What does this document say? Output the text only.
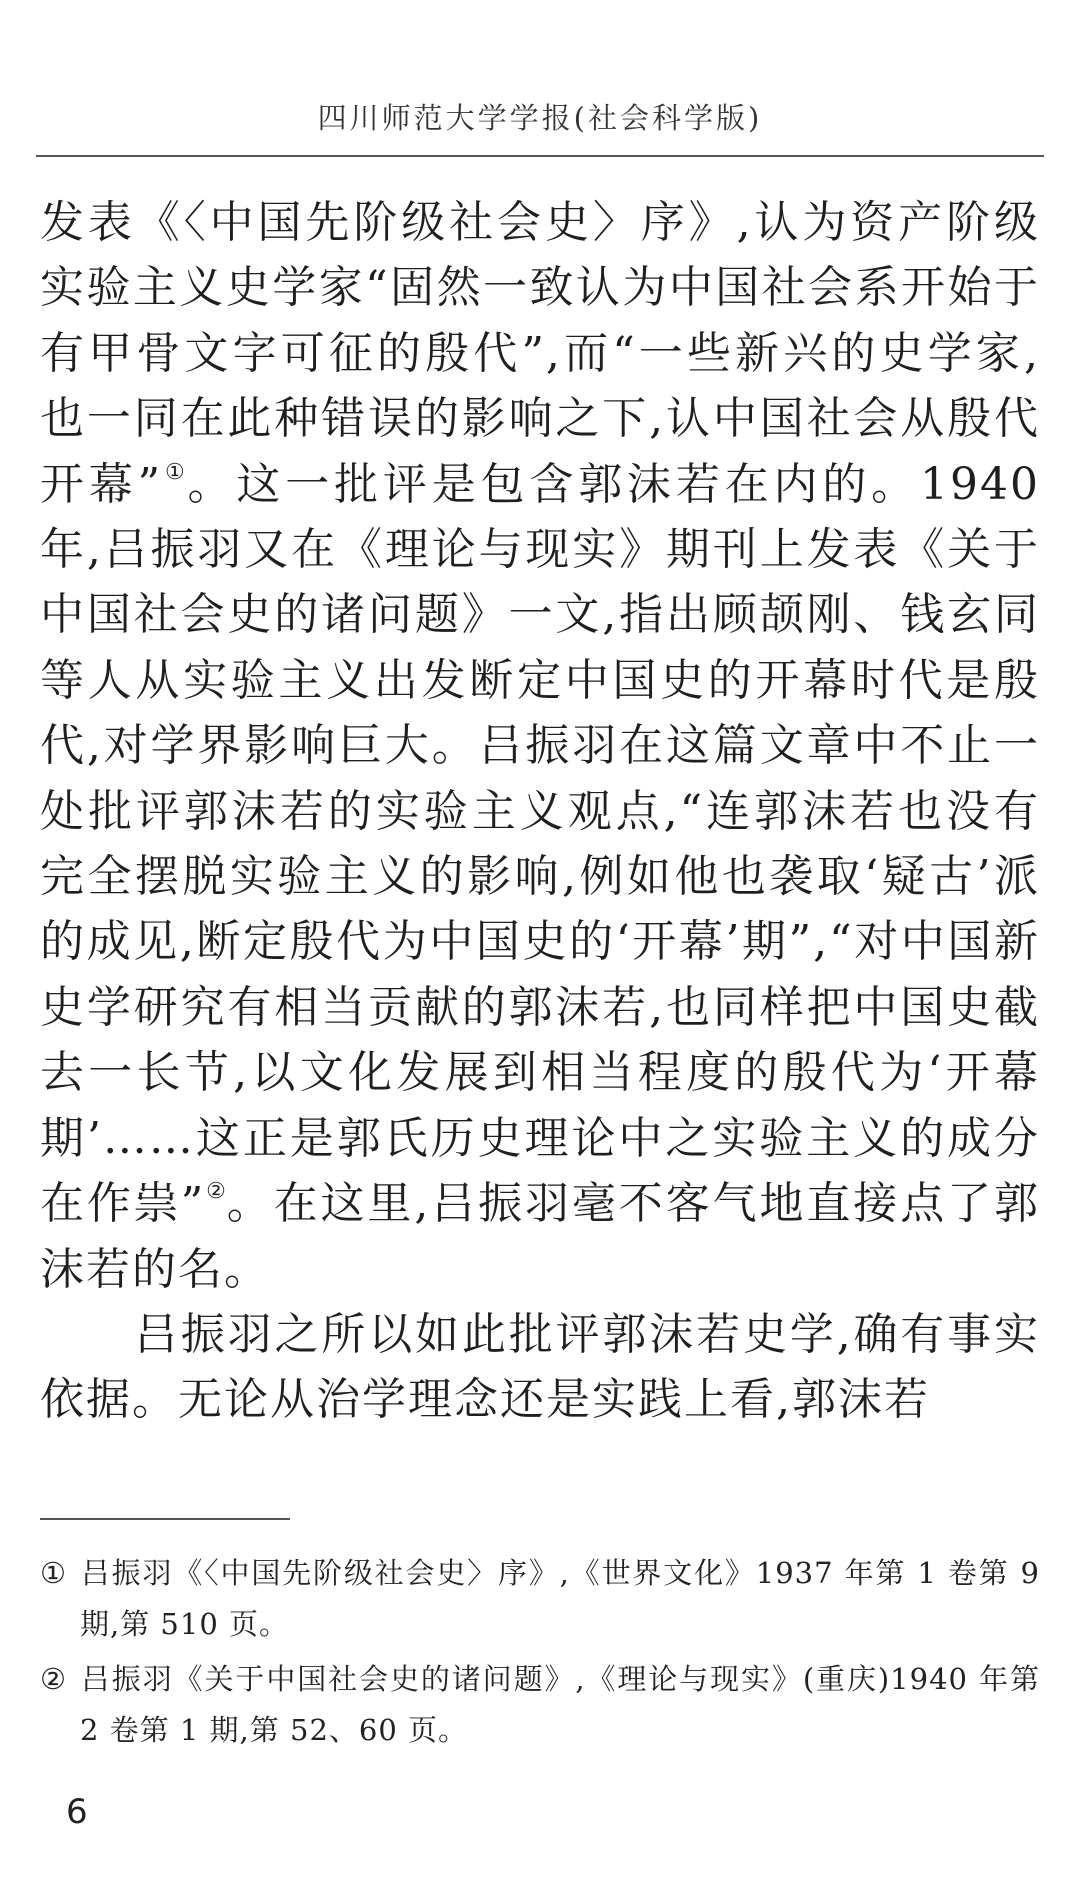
四川师范大学学报(社会科学版)

发表《〈中国先阶级社会史〉序》,认为资产阶级实验主义史学家“固然一致认为中国社会系开始于有甲骨文字可征的殷代”,而“一些新兴的史学家,也一同在此种错误的影响之下,认中国社会从殷代开幕”①。这一批评是包含郭沫若在内的。1940年,吕振羽又在《理论与现实》期刊上发表《关于中国社会史的诸问题》一文,指出顾颉刚、钱玄同等人从实验主义出发断定中国史的开幕时代是殷代,对学界影响巨大。吕振羽在这篇文章中不止一处批评郭沫若的实验主义观点,“连郭沫若也没有完全摆脱实验主义的影响,例如他也袭取‘疑古’派的成见,断定殷代为中国史的‘开幕’期”,“对中国新史学研究有相当贡献的郭沫若,也同样把中国史截去一长节,以文化发展到相当程度的殷代为‘开幕期’……这正是郭氏历史理论中之实验主义的成分在作祟”②。在这里,吕振羽毫不客气地直接点了郭沫若的名。

吕振羽之所以如此批评郭沫若史学,确有事实依据。无论从治学理念还是实践上看,郭沫若

① 吕振羽《〈中国先阶级社会史〉序》,《世界文化》1937 年第 1 卷第 9 期,第 510 页。

② 吕振羽《关于中国社会史的诸问题》,《理论与现实》(重庆)1940 年第 2 卷第 1 期,第 52、60 页。

6
